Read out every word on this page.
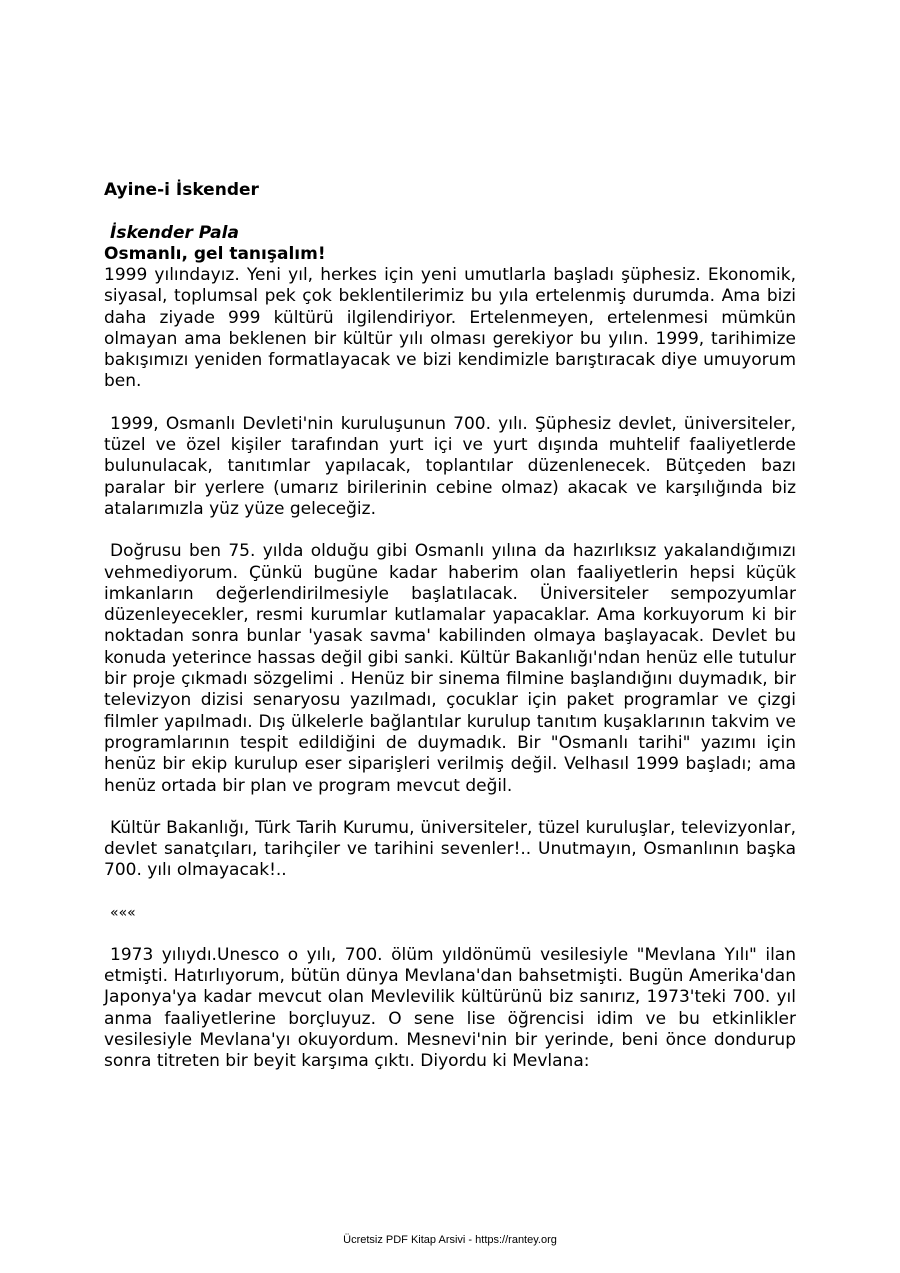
Ayine-i İskender
İskender Pala
Osmanlı, gel tanışalım!

1999 yılındayız. Yeni yıl, herkes için yeni umutlarla başladı şüphesiz. Ekonomik, siyasal, toplumsal pek çok beklentilerimiz bu yıla ertelenmiş durumda. Ama bizi daha ziyade 999 kültürü ilgilendiriyor. Ertelenmeyen, ertelenmesi mümkün olmayan ama beklenen bir kültür yılı olması gerekiyor bu yılın. 1999, tarihimize bakışımızı yeniden formatlayacak ve bizi kendimizle barıştıracak diye umuyorum ben.

1999, Osmanlı Devleti'nin kuruluşunun 700. yılı. Şüphesiz devlet, üniversiteler, tüzel ve özel kişiler tarafından yurt içi ve yurt dışında muhtelif faaliyetlerde bulunulacak, tanıtımlar yapılacak, toplantılar düzenlenecek. Bütçeden bazı paralar bir yerlere (umarız birilerinin cebine olmaz) akacak ve karşılığında biz atalarımızla yüz yüze geleceğiz.

Doğrusu ben 75. yılda olduğu gibi Osmanlı yılına da hazırlıksız yakalandığımızı vehmediyorum. Çünkü bugüne kadar haberim olan faaliyetlerin hepsi küçük imkanların değerlendirilmesiyle başlatılacak. Üniversiteler sempozyumlar düzenleyecekler, resmi kurumlar kutlamalar yapacaklar. Ama korkuyorum ki bir noktadan sonra bunlar 'yasak savma' kabilinden olmaya başlayacak. Devlet bu konuda yeterince hassas değil gibi sanki. Kültür Bakanlığı'ndan henüz elle tutulur bir proje çıkmadı sözgelimi . Henüz bir sinema filmine başlandığını duymadık, bir televizyon dizisi senaryosu yazılmadı, çocuklar için paket programlar ve çizgi filmler yapılmadı. Dış ülkelerle bağlantılar kurulup tanıtım kuşaklarının takvim ve programlarının tespit edildiğini de duymadık. Bir "Osmanlı tarihi" yazımı için henüz bir ekip kurulup eser siparişleri verilmiş değil. Velhasıl 1999 başladı; ama henüz ortada bir plan ve program mevcut değil.

Kültür Bakanlığı, Türk Tarih Kurumu, üniversiteler, tüzel kuruluşlar, televizyonlar, devlet sanatçıları, tarihçiler ve tarihini sevenler!.. Unutmayın, Osmanlının başka 700. yılı olmayacak!..

«««

1973 yılıydı.Unesco o yılı, 700. ölüm yıldönümü vesilesiyle "Mevlana Yılı" ilan etmişti. Hatırlıyorum, bütün dünya Mevlana'dan bahsetmişti. Bugün Amerika'dan Japonya'ya kadar mevcut olan Mevlevilik kültürünü biz sanırız, 1973'teki 700. yıl anma faaliyetlerine borçluyuz. O sene lise öğrencisi idim ve bu etkinlikler vesilesiyle Mevlana'yı okuyordum. Mesnevi'nin bir yerinde, beni önce dondurup sonra titreten bir beyit karşıma çıktı. Diyordu ki Mevlana:

Ücretsiz PDF Kitap Arsivi - https://rantey.org
